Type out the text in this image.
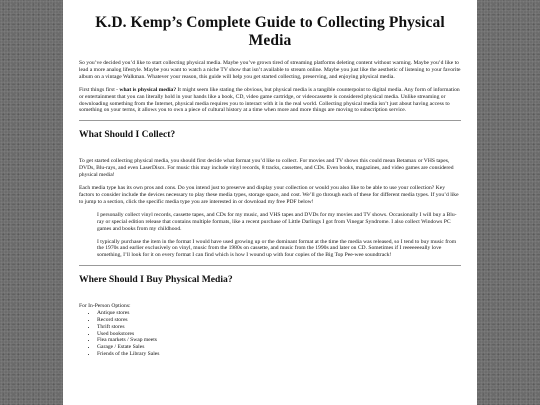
K.D. Kemp’s Complete Guide to Collecting Physical Media

So you’ve decided you’d like to start collecting physical media. Maybe you’ve grown tired of streaming platforms deleting content without warning. Maybe you’d like to lead a more analog lifestyle. Maybe you want to watch a niche TV show that isn’t available to stream online. Maybe you just like the aesthetic of listening to your favorite album on a vintage Walkman. Whatever your reason, this guide will help you get started collecting, preserving, and enjoying physical media.

First things first - what is physical media? It might seem like stating the obvious, but physical media is a tangible counterpoint to digital media. Any form of information or entertainment that you can literally hold in your hands like a book, CD, video game cartridge, or videocassette is considered physical media. Unlike streaming or downloading something from the Internet, physical media requires you to interact with it in the real world. Collecting physical media isn’t just about having access to something on your terms, it allows you to own a piece of cultural history at a time when more and more things are moving to subscription service.

What Should I Collect?

To get started collecting physical media, you should first decide what format you’d like to collect. For movies and TV shows this could mean Betamax or VHS tapes, DVDs, Blu-rays, and even LaserDiscs. For music this may include vinyl records, 8 tracks, cassettes, and CDs. Even books, magazines, and video games are considered physical media!

Each media type has its own pros and cons. Do you intend just to preserve and display your collection or would you also like to be able to use your collection? Key factors to consider include the devices necessary to play these media types, storage space, and cost. We’ll go through each of these for different media types. If you’d like to jump to a section, click the specific media type you are interested in or download my free PDF below!

I personally collect vinyl records, cassette tapes, and CDs for my music, and VHS tapes and DVDs for my movies and TV shows. Occasionally I will buy a Blu-ray or special edition release that contains multiple formats, like a recent purchase of Little Darlings I got from Vinegar Syndrome. I also collect Windows PC games and books from my childhood.

I typically purchase the item in the format I would have used growing up or the dominant format at the time the media was released, so I tend to buy music from the 1970s and earlier exclusively on vinyl, music from the 1980s on cassette, and music from the 1990s and later on CD. Sometimes if I reeeeeeeally love something, I’ll look for it on every format I can find which is how I wound up with four copies of the Big Top Pee-wee soundtrack!

Where Should I Buy Physical Media?

For In-Person Options:

• Antique stores
• Record stores
• Thrift stores
• Used bookstores
• Flea markets / Swap meets
• Garage / Estate Sales
• Friends of the Library Sales
